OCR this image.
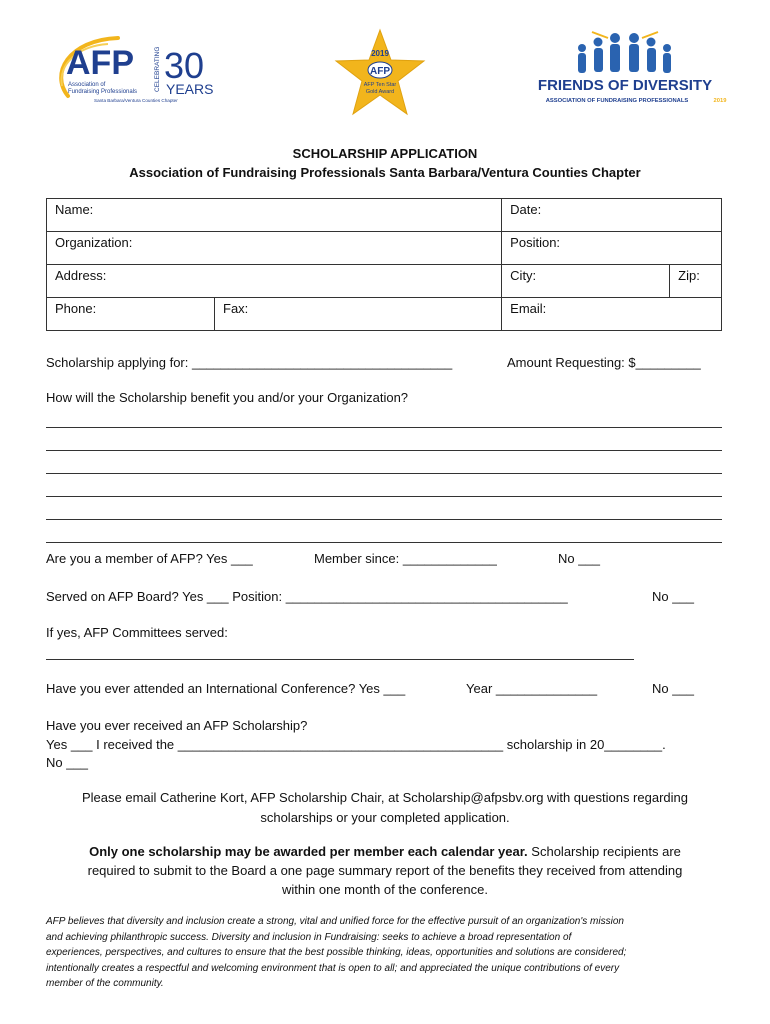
AFP
Association of
Fundraising Professionals
Santa Barbara/Ventura Counties Chapter
CELEBRATING 30
YEARS
2019
AFP
AFP Ten Star
Gold Award	FRIENDS OF DIVERSITY
ASSOCIATION OF FUNDRAISING PROFESSIONALS	2019
SCHOLARSHIP APPLICATION
Association of Fundraising Professionals Santa Barbara/Ventura Counties Chapter
Name:		Date:	
Organization:		Position:	
Address:		City:	Zip:
Phone:	Fax:	Email:	
Scholarship applying for: ____________________________________	Amount Requesting: $_________
How will the Scholarship benefit you and/or your Organization?
Are you a member of AFP? Yes ___	Member since: _____________	No ___
Served on AFP Board? Yes ___ Position: _______________________________________	No ___
If yes, AFP Committees served:
Have you ever attended an International Conference? Yes ___	Year ______________	No ___
Have you ever received an AFP Scholarship?
Yes ___ I received the _____________________________________________ scholarship in 20________.
No ___
Please email Catherine Kort, AFP Scholarship Chair, at Scholarship@afpsbv.org with questions regarding
scholarships or your completed application.
Only one scholarship may be awarded per member each calendar year. Scholarship recipients are
required to submit to the Board a one page summary report of the benefits they received from attending
within one month of the conference.
AFP believes that diversity and inclusion create a strong, vital and unified force for the effective pursuit of an organization's mission
and achieving philanthropic success. Diversity and inclusion in Fundraising: seeks to achieve a broad representation of
experiences, perspectives, and cultures to ensure that the best possible thinking, ideas, opportunities and solutions are considered;
intentionally creates a respectful and welcoming environment that is open to all; and appreciated the unique contributions of every
member of the community.
